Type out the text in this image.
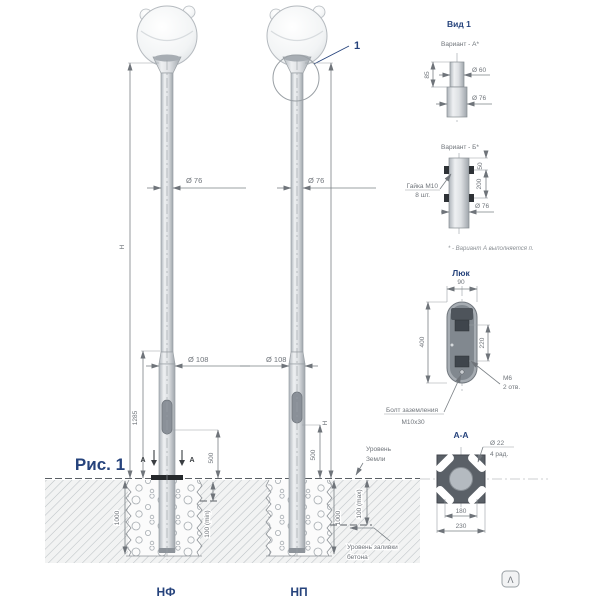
1
H
Ø 76
Ø 108
1285
500
А	А
1000	100 (min)
H
Ø 76
Ø 108
500
1000 100 (max)
Уровень
Земли
Уровень заливки
бетона
Рис. 1
НФ	НП
Вид 1
Вариант - А*
85
Ø 60
Ø 76
Вариант - Б*
50
200
Ø 76
Гайка М10
8 шт.
* - Вариант А выполняется п.
Люк
90
400	220
М6
2 отв.
Болт заземления
М10х30
А-А
Ø 22
4 рад.
180
230
Λ
